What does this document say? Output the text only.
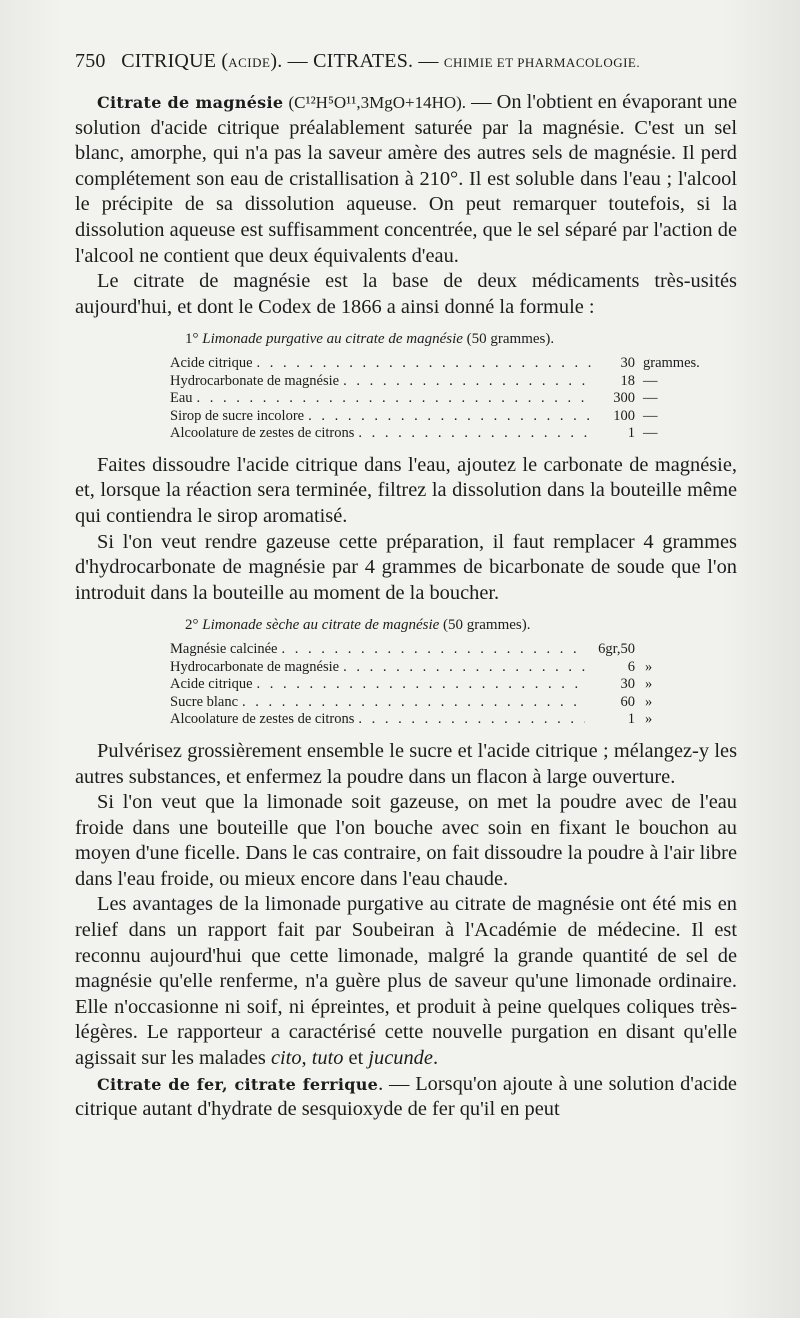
750 CITRIQUE (ACIDE). — CITRATES. — CHIMIE ET PHARMACOLOGIE.

Citrate de magnésie (C¹²H⁵O¹¹,3MgO+14HO). — On l'obtient en évaporant une solution d'acide citrique préalablement saturée par la magnésie. C'est un sel blanc, amorphe, qui n'a pas la saveur amère des autres sels de magnésie. Il perd complétement son eau de cristallisation à 210°. Il est soluble dans l'eau ; l'alcool le précipite de sa dissolution aqueuse. On peut remarquer toutefois, si la dissolution aqueuse est suffisamment concentrée, que le sel séparé par l'action de l'alcool ne contient que deux équivalents d'eau.

Le citrate de magnésie est la base de deux médicaments très-usités aujourd'hui, et dont le Codex de 1866 a ainsi donné la formule :

1° Limonade purgative au citrate de magnésie (50 grammes).
Acide citrique . . .	30 grammes.
Hydrocarbonate de magnésie . . .	18 —
Eau . . .	300 —
Sirop de sucre incolore . . .	100 —
Alcoolature de zestes de citrons . . .	1 —

Faites dissoudre l'acide citrique dans l'eau, ajoutez le carbonate de magnésie, et, lorsque la réaction sera terminée, filtrez la dissolution dans la bouteille même qui contiendra le sirop aromatisé.

Si l'on veut rendre gazeuse cette préparation, il faut remplacer 4 grammes d'hydrocarbonate de magnésie par 4 grammes de bicarbonate de soude que l'on introduit dans la bouteille au moment de la boucher.

2° Limonade sèche au citrate de magnésie (50 grammes).
Magnésie calcinée . . .	6gr,50
Hydrocarbonate de magnésie . . .	6 »
Acide citrique . . .	30 »
Sucre blanc . . .	60 »
Alcoolature de zestes de citrons . . .	1 »

Pulvérisez grossièrement ensemble le sucre et l'acide citrique ; mélangez-y les autres substances, et enfermez la poudre dans un flacon à large ouverture.

Si l'on veut que la limonade soit gazeuse, on met la poudre avec de l'eau froide dans une bouteille que l'on bouche avec soin en fixant le bouchon au moyen d'une ficelle. Dans le cas contraire, on fait dissoudre la poudre à l'air libre dans l'eau froide, ou mieux encore dans l'eau chaude.

Les avantages de la limonade purgative au citrate de magnésie ont été mis en relief dans un rapport fait par Soubeiran à l'Académie de médecine. Il est reconnu aujourd'hui que cette limonade, malgré la grande quantité de sel de magnésie qu'elle renferme, n'a guère plus de saveur qu'une limonade ordinaire. Elle n'occasionne ni soif, ni épreintes, et produit à peine quelques coliques très-légères. Le rapporteur a caractérisé cette nouvelle purgation en disant qu'elle agissait sur les malades cito, tuto et jucunde.

Citrate de fer, citrate ferrique. — Lorsqu'on ajoute à une solution d'acide citrique autant d'hydrate de sesquioxyde de fer qu'il en peut
